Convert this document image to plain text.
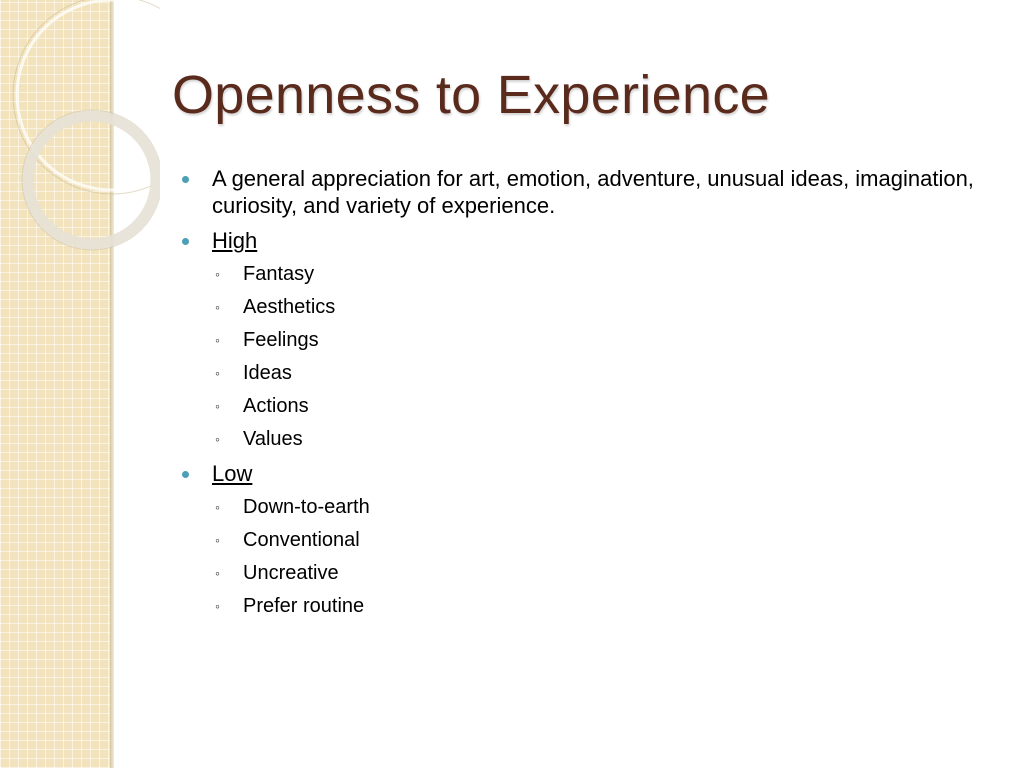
Openness to Experience
A general appreciation for art, emotion, adventure, unusual ideas, imagination, curiosity, and variety of experience.
High
◦ Fantasy
◦ Aesthetics
◦ Feelings
◦ Ideas
◦ Actions
◦ Values
Low
◦ Down-to-earth
◦ Conventional
◦ Uncreative
◦ Prefer routine
